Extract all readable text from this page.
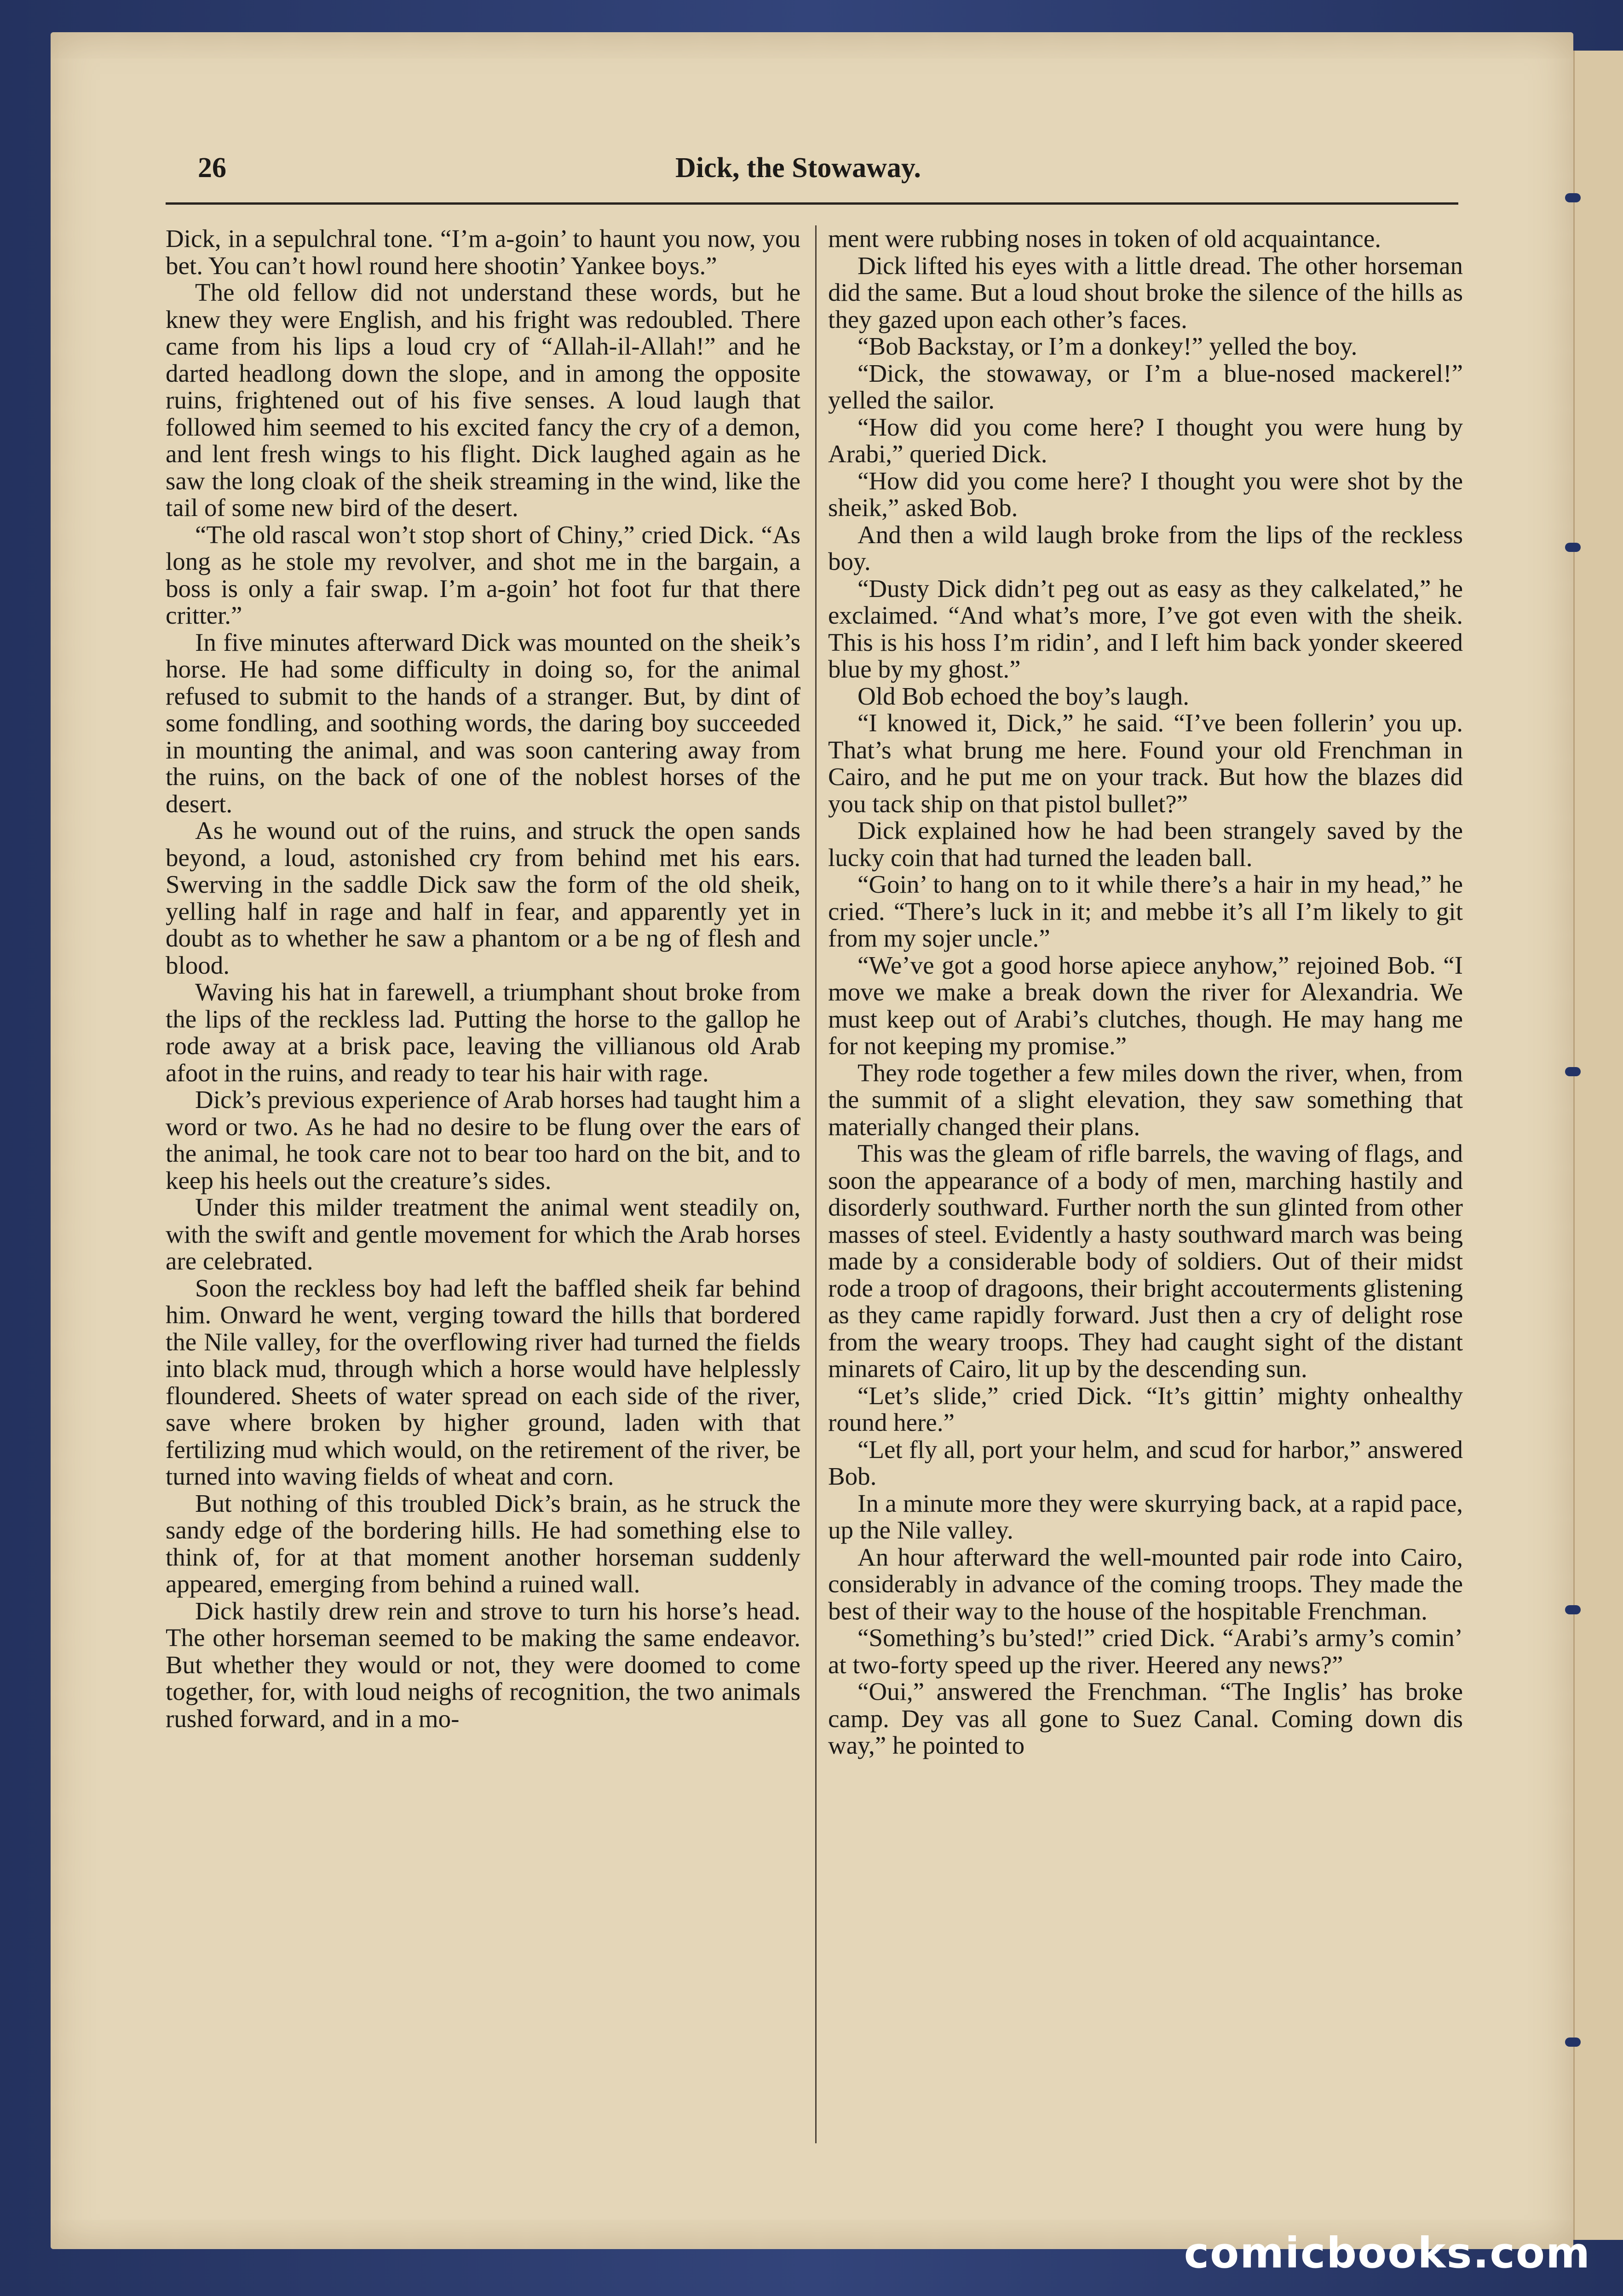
Dick, the Stowaway.
26

Dick, in a sepulchral tone. “I’m a-goin’ to haunt you now, you bet. You can’t howl round here shootin’ Yankee boys.”

The old fellow did not understand these words, but he knew they were English, and his fright was redoubled. There came from his lips a loud cry of “Allah-il-Allah!” and he darted headlong down the slope, and in among the opposite ruins, frightened out of his five senses. A loud laugh that followed him seemed to his excited fancy the cry of a demon, and lent fresh wings to his flight. Dick laughed again as he saw the long cloak of the sheik streaming in the wind, like the tail of some new bird of the desert.

“The old rascal won’t stop short of Chiny,” cried Dick. “As long as he stole my revolver, and shot me in the bargain, a boss is only a fair swap. I’m a-goin’ hot foot fur that there critter.”

In five minutes afterward Dick was mounted on the sheik’s horse. He had some difficulty in doing so, for the animal refused to submit to the hands of a stranger. But, by dint of some fondling, and soothing words, the daring boy succeeded in mounting the animal, and was soon cantering away from the ruins, on the back of one of the noblest horses of the desert.

As he wound out of the ruins, and struck the open sands beyond, a loud, astonished cry from behind met his ears. Swerving in the saddle Dick saw the form of the old sheik, yelling half in rage and half in fear, and apparently yet in doubt as to whether he saw a phantom or a be ng of flesh and blood.

Waving his hat in farewell, a triumphant shout broke from the lips of the reckless lad. Putting the horse to the gallop he rode away at a brisk pace, leaving the villianous old Arab afoot in the ruins, and ready to tear his hair with rage.

Dick’s previous experience of Arab horses had taught him a word or two. As he had no desire to be flung over the ears of the animal, he took care not to bear too hard on the bit, and to keep his heels out the creature’s sides.

Under this milder treatment the animal went steadily on, with the swift and gentle movement for which the Arab horses are celebrated.

Soon the reckless boy had left the baffled sheik far behind him. Onward he went, verging toward the hills that bordered the Nile valley, for the overflowing river had turned the fields into black mud, through which a horse would have helplessly floundered. Sheets of water spread on each side of the river, save where broken by higher ground, laden with that fertilizing mud which would, on the retirement of the river, be turned into waving fields of wheat and corn.

But nothing of this troubled Dick’s brain, as he struck the sandy edge of the bordering hills. He had something else to think of, for at that moment another horseman suddenly appeared, emerging from behind a ruined wall.

Dick hastily drew rein and strove to turn his horse’s head. The other horseman seemed to be making the same endeavor. But whether they would or not, they were doomed to come together, for, with loud neighs of recognition, the two animals rushed forward, and in a mo-

ment were rubbing noses in token of old acquaintance.

Dick lifted his eyes with a little dread. The other horseman did the same. But a loud shout broke the silence of the hills as they gazed upon each other’s faces.

“Bob Backstay, or I’m a donkey!” yelled the boy.

“Dick, the stowaway, or I’m a blue-nosed mackerel!” yelled the sailor.

“How did you come here? I thought you were hung by Arabi,” queried Dick.

“How did you come here? I thought you were shot by the sheik,” asked Bob.

And then a wild laugh broke from the lips of the reckless boy.

“Dusty Dick didn’t peg out as easy as they calkelated,” he exclaimed. “And what’s more, I’ve got even with the sheik. This is his hoss I’m ridin’, and I left him back yonder skeered blue by my ghost.”

Old Bob echoed the boy’s laugh.

“I knowed it, Dick,” he said. “I’ve been follerin’ you up. That’s what brung me here. Found your old Frenchman in Cairo, and he put me on your track. But how the blazes did you tack ship on that pistol bullet?”

Dick explained how he had been strangely saved by the lucky coin that had turned the leaden ball.

“Goin’ to hang on to it while there’s a hair in my head,” he cried. “There’s luck in it; and mebbe it’s all I’m likely to git from my sojer uncle.”

“We’ve got a good horse apiece anyhow,” rejoined Bob. “I move we make a break down the river for Alexandria. We must keep out of Arabi’s clutches, though. He may hang me for not keeping my promise.”

They rode together a few miles down the river, when, from the summit of a slight elevation, they saw something that materially changed their plans.

This was the gleam of rifle barrels, the waving of flags, and soon the appearance of a body of men, marching hastily and disorderly southward. Further north the sun glinted from other masses of steel. Evidently a hasty southward march was being made by a considerable body of soldiers. Out of their midst rode a troop of dragoons, their bright accouterments glistening as they came rapidly forward. Just then a cry of delight rose from the weary troops. They had caught sight of the distant minarets of Cairo, lit up by the descending sun.

“Let’s slide,” cried Dick. “It’s gittin’ mighty onhealthy round here.”

“Let fly all, port your helm, and scud for harbor,” answered Bob.

In a minute more they were skurrying back, at a rapid pace, up the Nile valley.

An hour afterward the well-mounted pair rode into Cairo, considerably in advance of the coming troops. They made the best of their way to the house of the hospitable Frenchman.

“Something’s bu’sted!” cried Dick. “Arabi’s army’s comin’ at two-forty speed up the river. Heered any news?”

“Oui,” answered the Frenchman. “The Inglis’ has broke camp. Dey vas all gone to Suez Canal. Coming down dis way,” he pointed to

comicbooks.com
